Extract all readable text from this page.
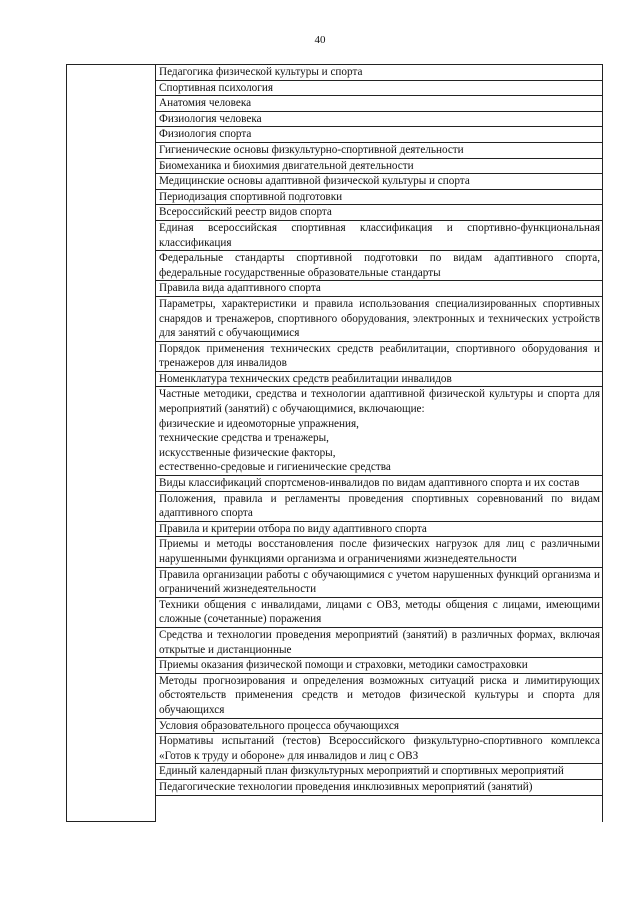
40
	Педагогика физической культуры и спорта
Спортивная психология
Анатомия человека
Физиология человека
Физиология спорта
Гигиенические основы физкультурно-спортивной деятельности
Биомеханика и биохимия двигательной деятельности
Медицинские основы адаптивной физической культуры и спорта
Периодизация спортивной подготовки
Всероссийский реестр видов спорта
Единая всероссийская спортивная классификация и спортивно-функциональная классификация
Федеральные стандарты спортивной подготовки по видам адаптивного спорта, федеральные государственные образовательные стандарты
Правила вида адаптивного спорта
Параметры, характеристики и правила использования специализированных спортивных снарядов и тренажеров, спортивного оборудования, электронных и технических устройств для занятий с обучающимися
Порядок применения технических средств реабилитации, спортивного оборудования и тренажеров для инвалидов
Номенклатура технических средств реабилитации инвалидов

Частные методики, средства и технологии адаптивной физической культуры и спорта для мероприятий (занятий) с обучающимися, включающие:
физические и идеомоторные упражнения,
технические средства и тренажеры,
искусственные физические факторы,
естественно-средовые и гигиенические средства

Виды классификаций спортсменов-инвалидов по видам адаптивного спорта и их состав
Положения, правила и регламенты проведения спортивных соревнований по видам адаптивного спорта
Правила и критерии отбора по виду адаптивного спорта
Приемы и методы восстановления после физических нагрузок для лиц с различными нарушенными функциями организма и ограничениями жизнедеятельности
Правила организации работы с обучающимися с учетом нарушенных функций организма и ограничений жизнедеятельности
Техники общения с инвалидами, лицами с ОВЗ, методы общения с лицами, имеющими сложные (сочетанные) поражения
Средства и технологии проведения мероприятий (занятий) в различных формах, включая открытые и дистанционные
Приемы оказания физической помощи и страховки, методики самостраховки
Методы прогнозирования и определения возможных ситуаций риска и лимитирующих обстоятельств применения средств и методов физической культуры и спорта для обучающихся
Условия образовательного процесса обучающихся
Нормативы испытаний (тестов) Всероссийского физкультурно-спортивного комплекса «Готов к труду и обороне» для инвалидов и лиц с ОВЗ
Единый календарный план физкультурных мероприятий и спортивных мероприятий
Педагогические технологии проведения инклюзивных мероприятий (занятий)
